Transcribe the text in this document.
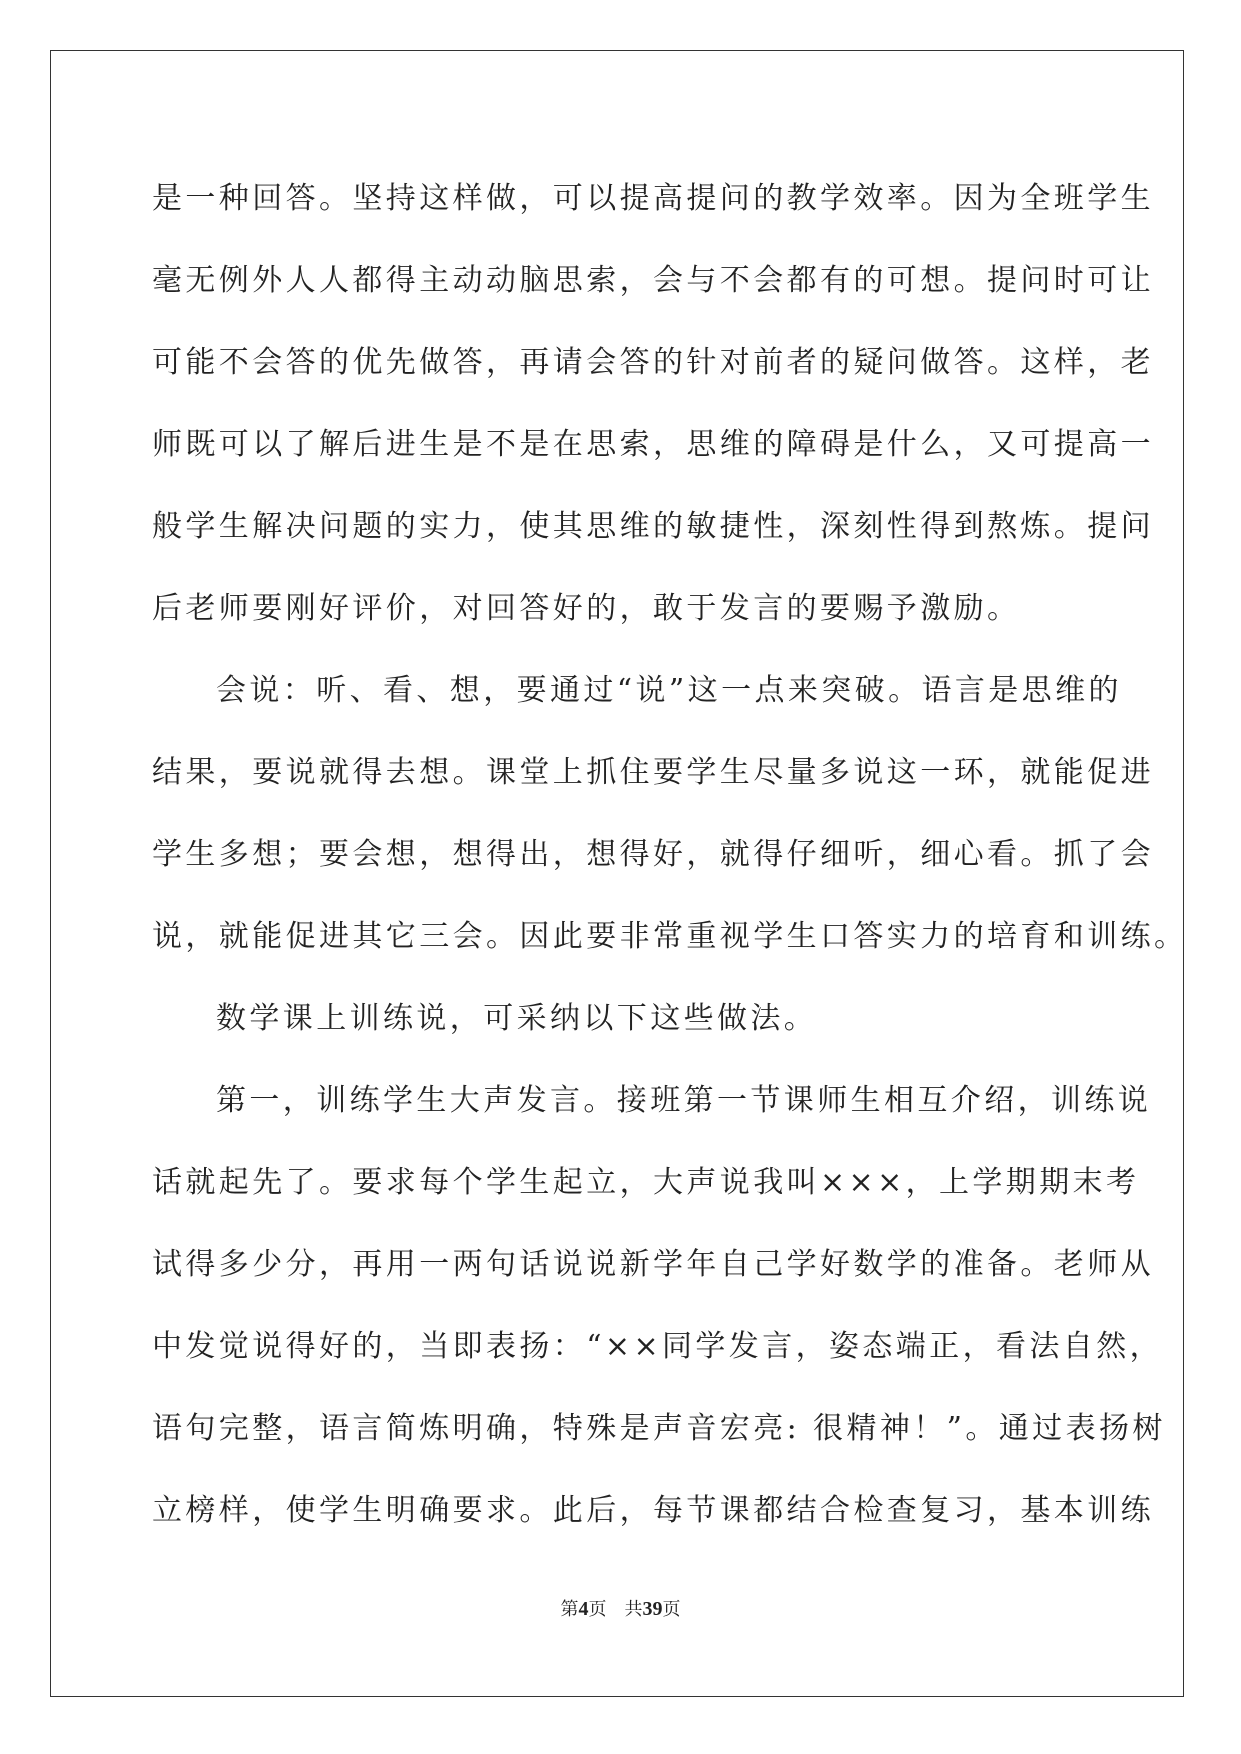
是一种回答。坚持这样做，可以提高提问的教学效率。因为全班学生
毫无例外人人都得主动动脑思索，会与不会都有的可想。提问时可让
可能不会答的优先做答，再请会答的针对前者的疑问做答。这样，老
师既可以了解后进生是不是在思索，思维的障碍是什么，又可提高一
般学生解决问题的实力，使其思维的敏捷性，深刻性得到熬炼。提问
后老师要刚好评价，对回答好的，敢于发言的要赐予激励。
会说：听、看、想，要通过“说”这一点来突破。语言是思维的
结果，要说就得去想。课堂上抓住要学生尽量多说这一环，就能促进
学生多想；要会想，想得出，想得好，就得仔细听，细心看。抓了会
说，就能促进其它三会。因此要非常重视学生口答实力的培育和训练。
数学课上训练说，可采纳以下这些做法。
第一，训练学生大声发言。接班第一节课师生相互介绍，训练说
话就起先了。要求每个学生起立，大声说我叫×××，上学期期末考
试得多少分，再用一两句话说说新学年自己学好数学的准备。老师从
中发觉说得好的，当即表扬：“××同学发言，姿态端正，看法自然，
语句完整，语言简炼明确，特殊是声音宏亮: 很精神！”。通过表扬树
立榜样，使学生明确要求。此后，每节课都结合检查复习，基本训练
第4页 共39页
